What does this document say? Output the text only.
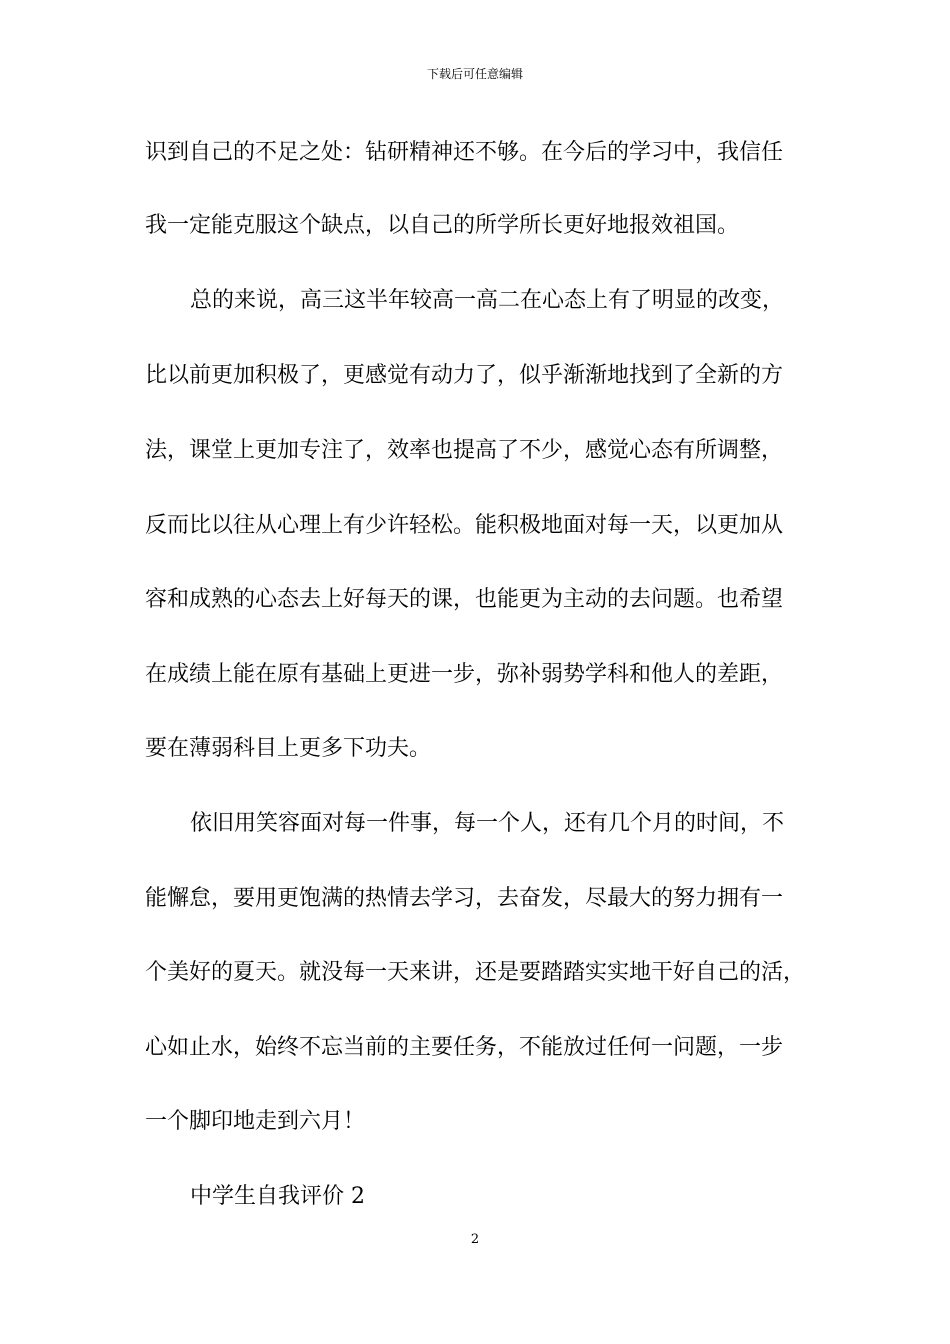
下载后可任意编辑
识到自己的不足之处：钻研精神还不够。在今后的学习中，我信任
我一定能克服这个缺点，以自己的所学所长更好地报效祖国。
总的来说，高三这半年较高一高二在心态上有了明显的改变，
比以前更加积极了，更感觉有动力了，似乎渐渐地找到了全新的方
法，课堂上更加专注了，效率也提高了不少，感觉心态有所调整，
反而比以往从心理上有少许轻松。能积极地面对每一天，以更加从
容和成熟的心态去上好每天的课，也能更为主动的去问题。也希望
在成绩上能在原有基础上更进一步，弥补弱势学科和他人的差距，
要在薄弱科目上更多下功夫。
依旧用笑容面对每一件事，每一个人，还有几个月的时间，不
能懈怠，要用更饱满的热情去学习，去奋发，尽最大的努力拥有一
个美好的夏天。就没每一天来讲，还是要踏踏实实地干好自己的活，
心如止水，始终不忘当前的主要任务，不能放过任何一问题，一步
一个脚印地走到六月！
中学生自我评价 2
2
